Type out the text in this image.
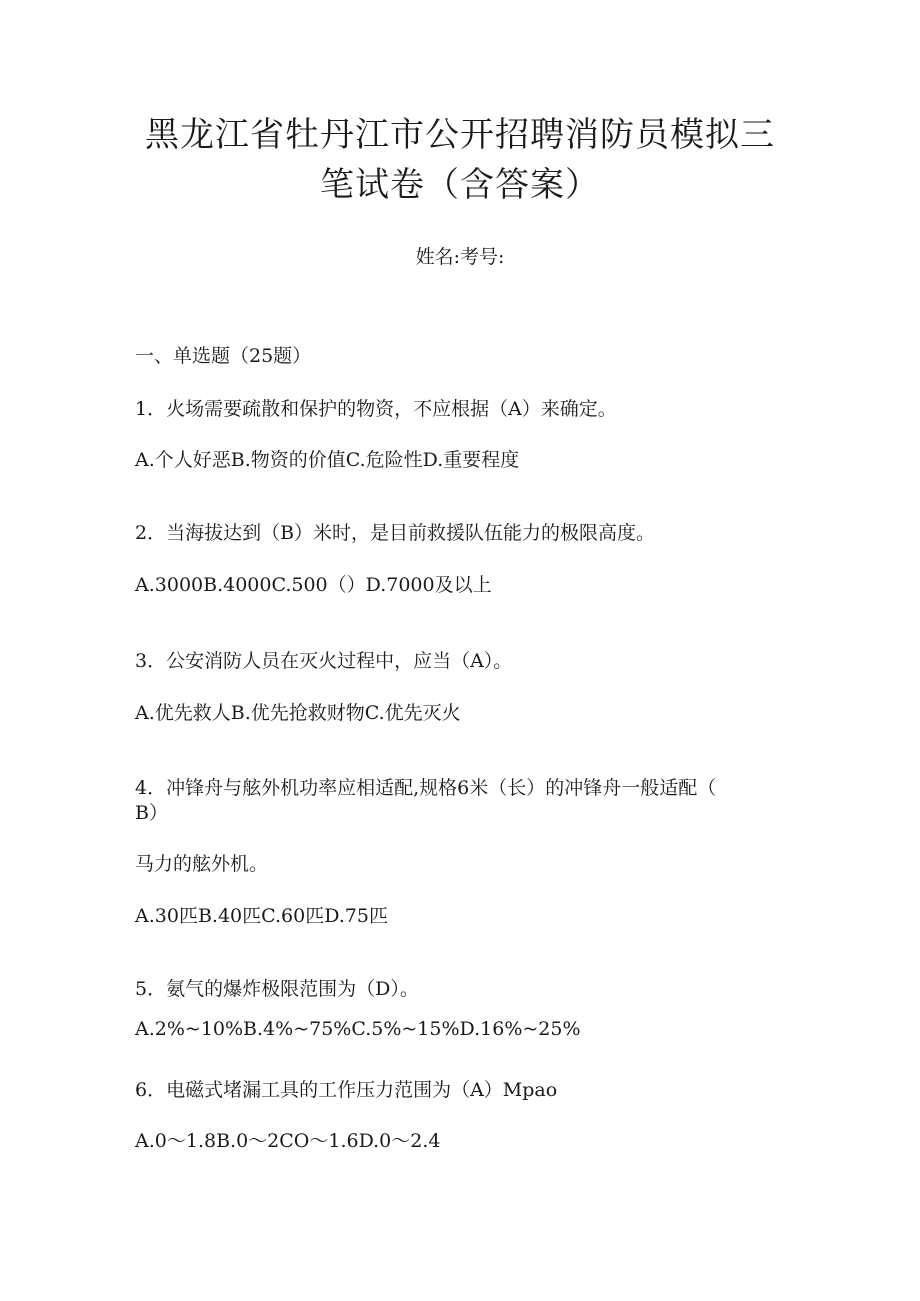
黑龙江省牡丹江市公开招聘消防员模拟三
笔试卷（含答案）
姓名:考号:
一、单选题（25题）
1．火场需要疏散和保护的物资，不应根据（A）来确定。
A.个人好恶B.物资的价值C.危险性D.重要程度
2．当海拔达到（B）米时，是目前救援队伍能力的极限高度。
A.3000B.4000C.500（）D.7000及以上
3．公安消防人员在灭火过程中，应当（A）。
A.优先救人B.优先抢救财物C.优先灭火
4．冲锋舟与舷外机功率应相适配,规格6米（长）的冲锋舟一般适配（
B）
马力的舷外机。
A.30匹B.40匹C.60匹D.75匹
5．氨气的爆炸极限范围为（D）。
A.2%~10%B.4%~75%C.5%~15%D.16%~25%
6．电磁式堵漏工具的工作压力范围为（A）Mpao
A.0～1.8B.0～2CO～1.6D.0～2.4
